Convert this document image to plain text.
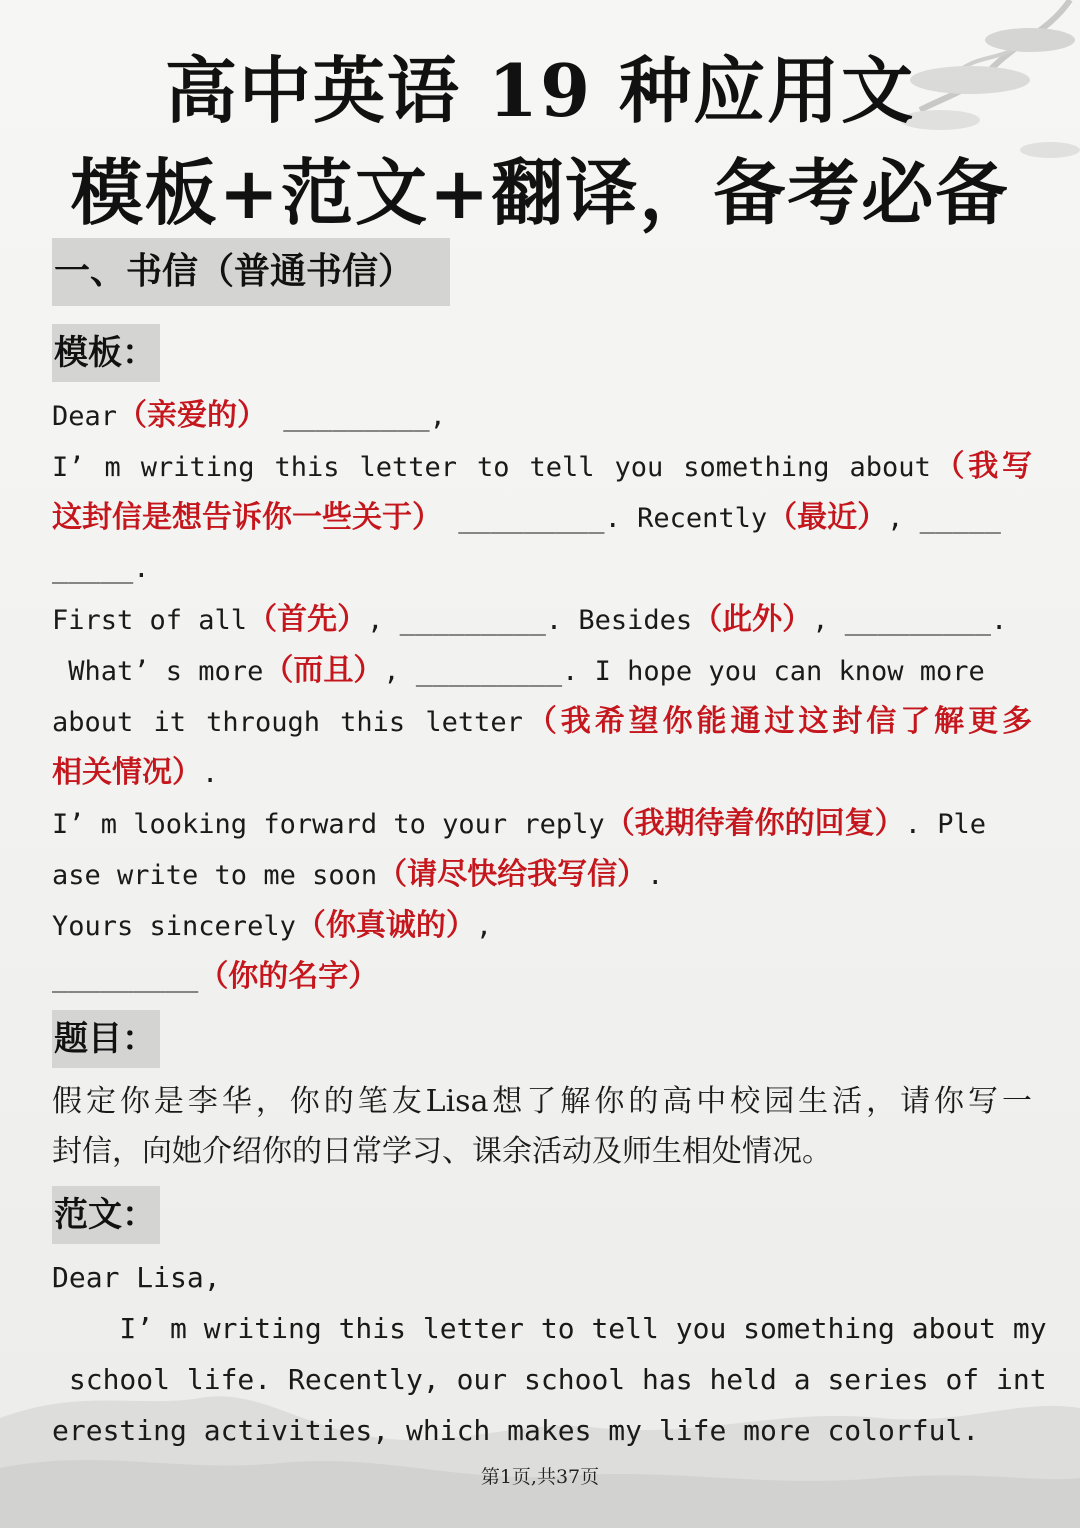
高中英语 19 种应用文
模板+范文+翻译，备考必备
一、书信（普通书信）
模板：
Dear（亲爱的） _________,
I’ m writing this letter to tell you something about（我写
这封信是想告诉你一些关于） _________. Recently（最近）, _____
_____.
First of all（首先）, _________. Besides（此外）, _________.
What’ s more（而且）, _________. I hope you can know more
about it through this letter（我希望你能通过这封信了解更多
相关情况）.
I’ m looking forward to your reply（我期待着你的回复）. Ple
ase write to me soon（请尽快给我写信）.
Yours sincerely（你真诚的）,
_________（你的名字）
题目：
假定你是李华，你的笔友Lisa想了解你的高中校园生活，请你写一
封信，向她介绍你的日常学习、课余活动及师生相处情况。
范文：
Dear Lisa,
I’ m writing this letter to tell you something about my
school life. Recently, our school has held a series of int
eresting activities, which makes my life more colorful.
第1页,共37页
